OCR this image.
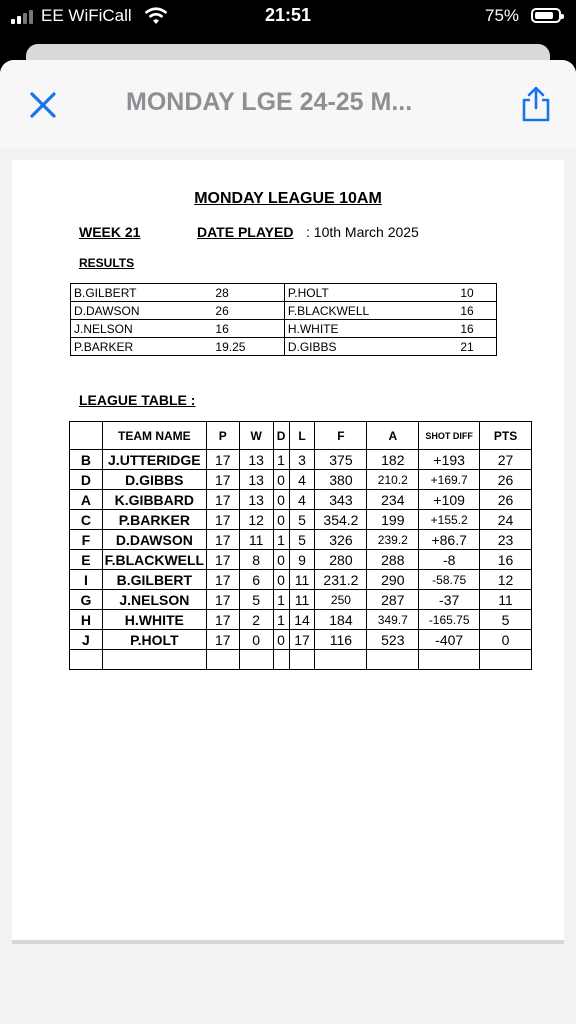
EE WiFiCall	21:51	75%
MONDAY LGE 24-25 M...
MONDAY LEAGUE 10AM
WEEK 21	DATE PLAYED : 10th March 2025
RESULTS
B.GILBERT	28	P.HOLT	10
D.DAWSON	26	F.BLACKWELL	16
J.NELSON	16	H.WHITE	16
P.BARKER	19.25	D.GIBBS	21
LEAGUE TABLE :
	TEAM NAME	P	W	D	L	F	A	SHOT DIFF	PTS
B	J.UTTERIDGE	17	13	1	3	375	182	+193	27
D	D.GIBBS	17	13	0	4	380	210.2	+169.7	26
A	K.GIBBARD	17	13	0	4	343	234	+109	26
C	P.BARKER	17	12	0	5	354.2	199	+155.2	24
F	D.DAWSON	17	11	1	5	326	239.2	+86.7	23
E	F.BLACKWELL	17	8	0	9	280	288	-8	16
I	B.GILBERT	17	6	0	11	231.2	290	-58.75	12
G	J.NELSON	17	5	1	11	250	287	-37	11
H	H.WHITE	17	2	1	14	184	349.7	-165.75	5
J	P.HOLT	17	0	0	17	116	523	-407	0
